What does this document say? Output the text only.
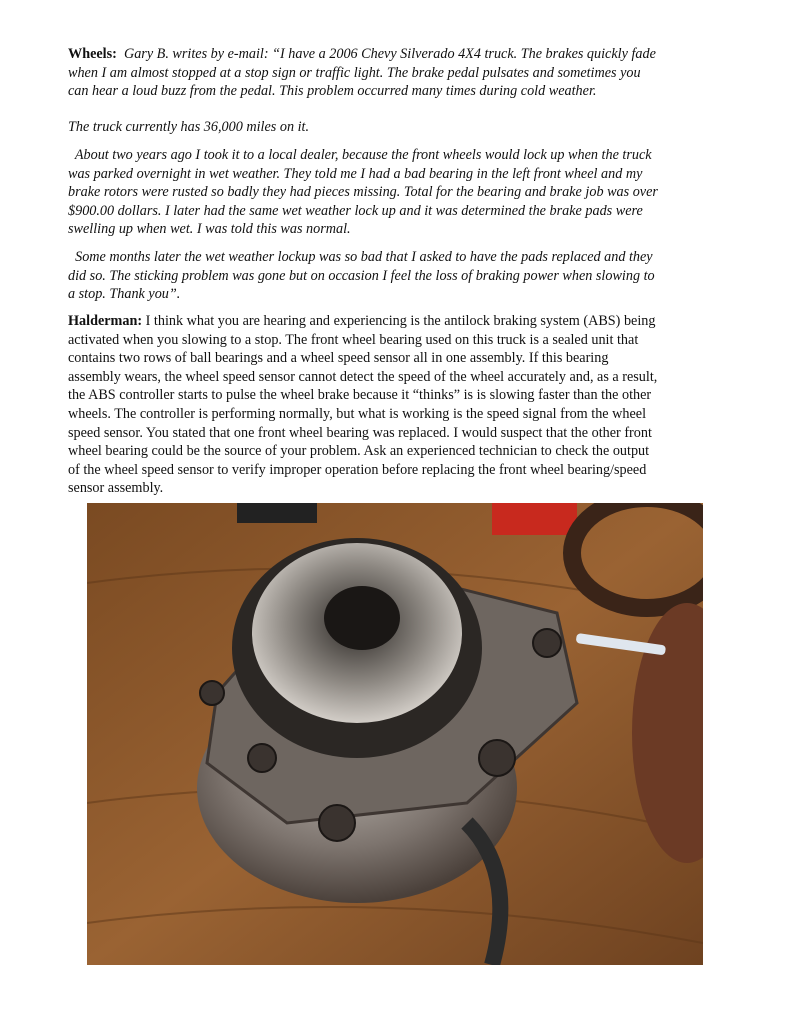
Wheels: Gary B. writes by e-mail: “I have a 2006 Chevy Silverado 4X4 truck. The brakes quickly fade
when I am almost stopped at a stop sign or traffic light. The brake pedal pulsates and sometimes you
can hear a loud buzz from the pedal. This problem occurred many times during cold weather.
The truck currently has 36,000 miles on it.
About two years ago I took it to a local dealer, because the front wheels would lock up when the truck
was parked overnight in wet weather. They told me I had a bad bearing in the left front wheel and my
brake rotors were rusted so badly they had pieces missing. Total for the bearing and brake job was over
$900.00 dollars. I later had the same wet weather lock up and it was determined the brake pads were
swelling up when wet. I was told this was normal.
Some months later the wet weather lockup was so bad that I asked to have the pads replaced and they
did so. The sticking problem was gone but on occasion I feel the loss of braking power when slowing to
a stop. Thank you”.
Halderman: I think what you are hearing and experiencing is the antilock braking system (ABS) being
activated when you slowing to a stop. The front wheel bearing used on this truck is a sealed unit that
contains two rows of ball bearings and a wheel speed sensor all in one assembly. If this bearing
assembly wears, the wheel speed sensor cannot detect the speed of the wheel accurately and, as a result,
the ABS controller starts to pulse the wheel brake because it “thinks” is is slowing faster than the other
wheels. The controller is performing normally, but what is working is the speed signal from the wheel
speed sensor. You stated that one front wheel bearing was replaced. I would suspect that the other front
wheel bearing could be the source of your problem. Ask an experienced technician to check the output
of the wheel speed sensor to verify improper operation before replacing the front wheel bearing/speed
sensor assembly.
